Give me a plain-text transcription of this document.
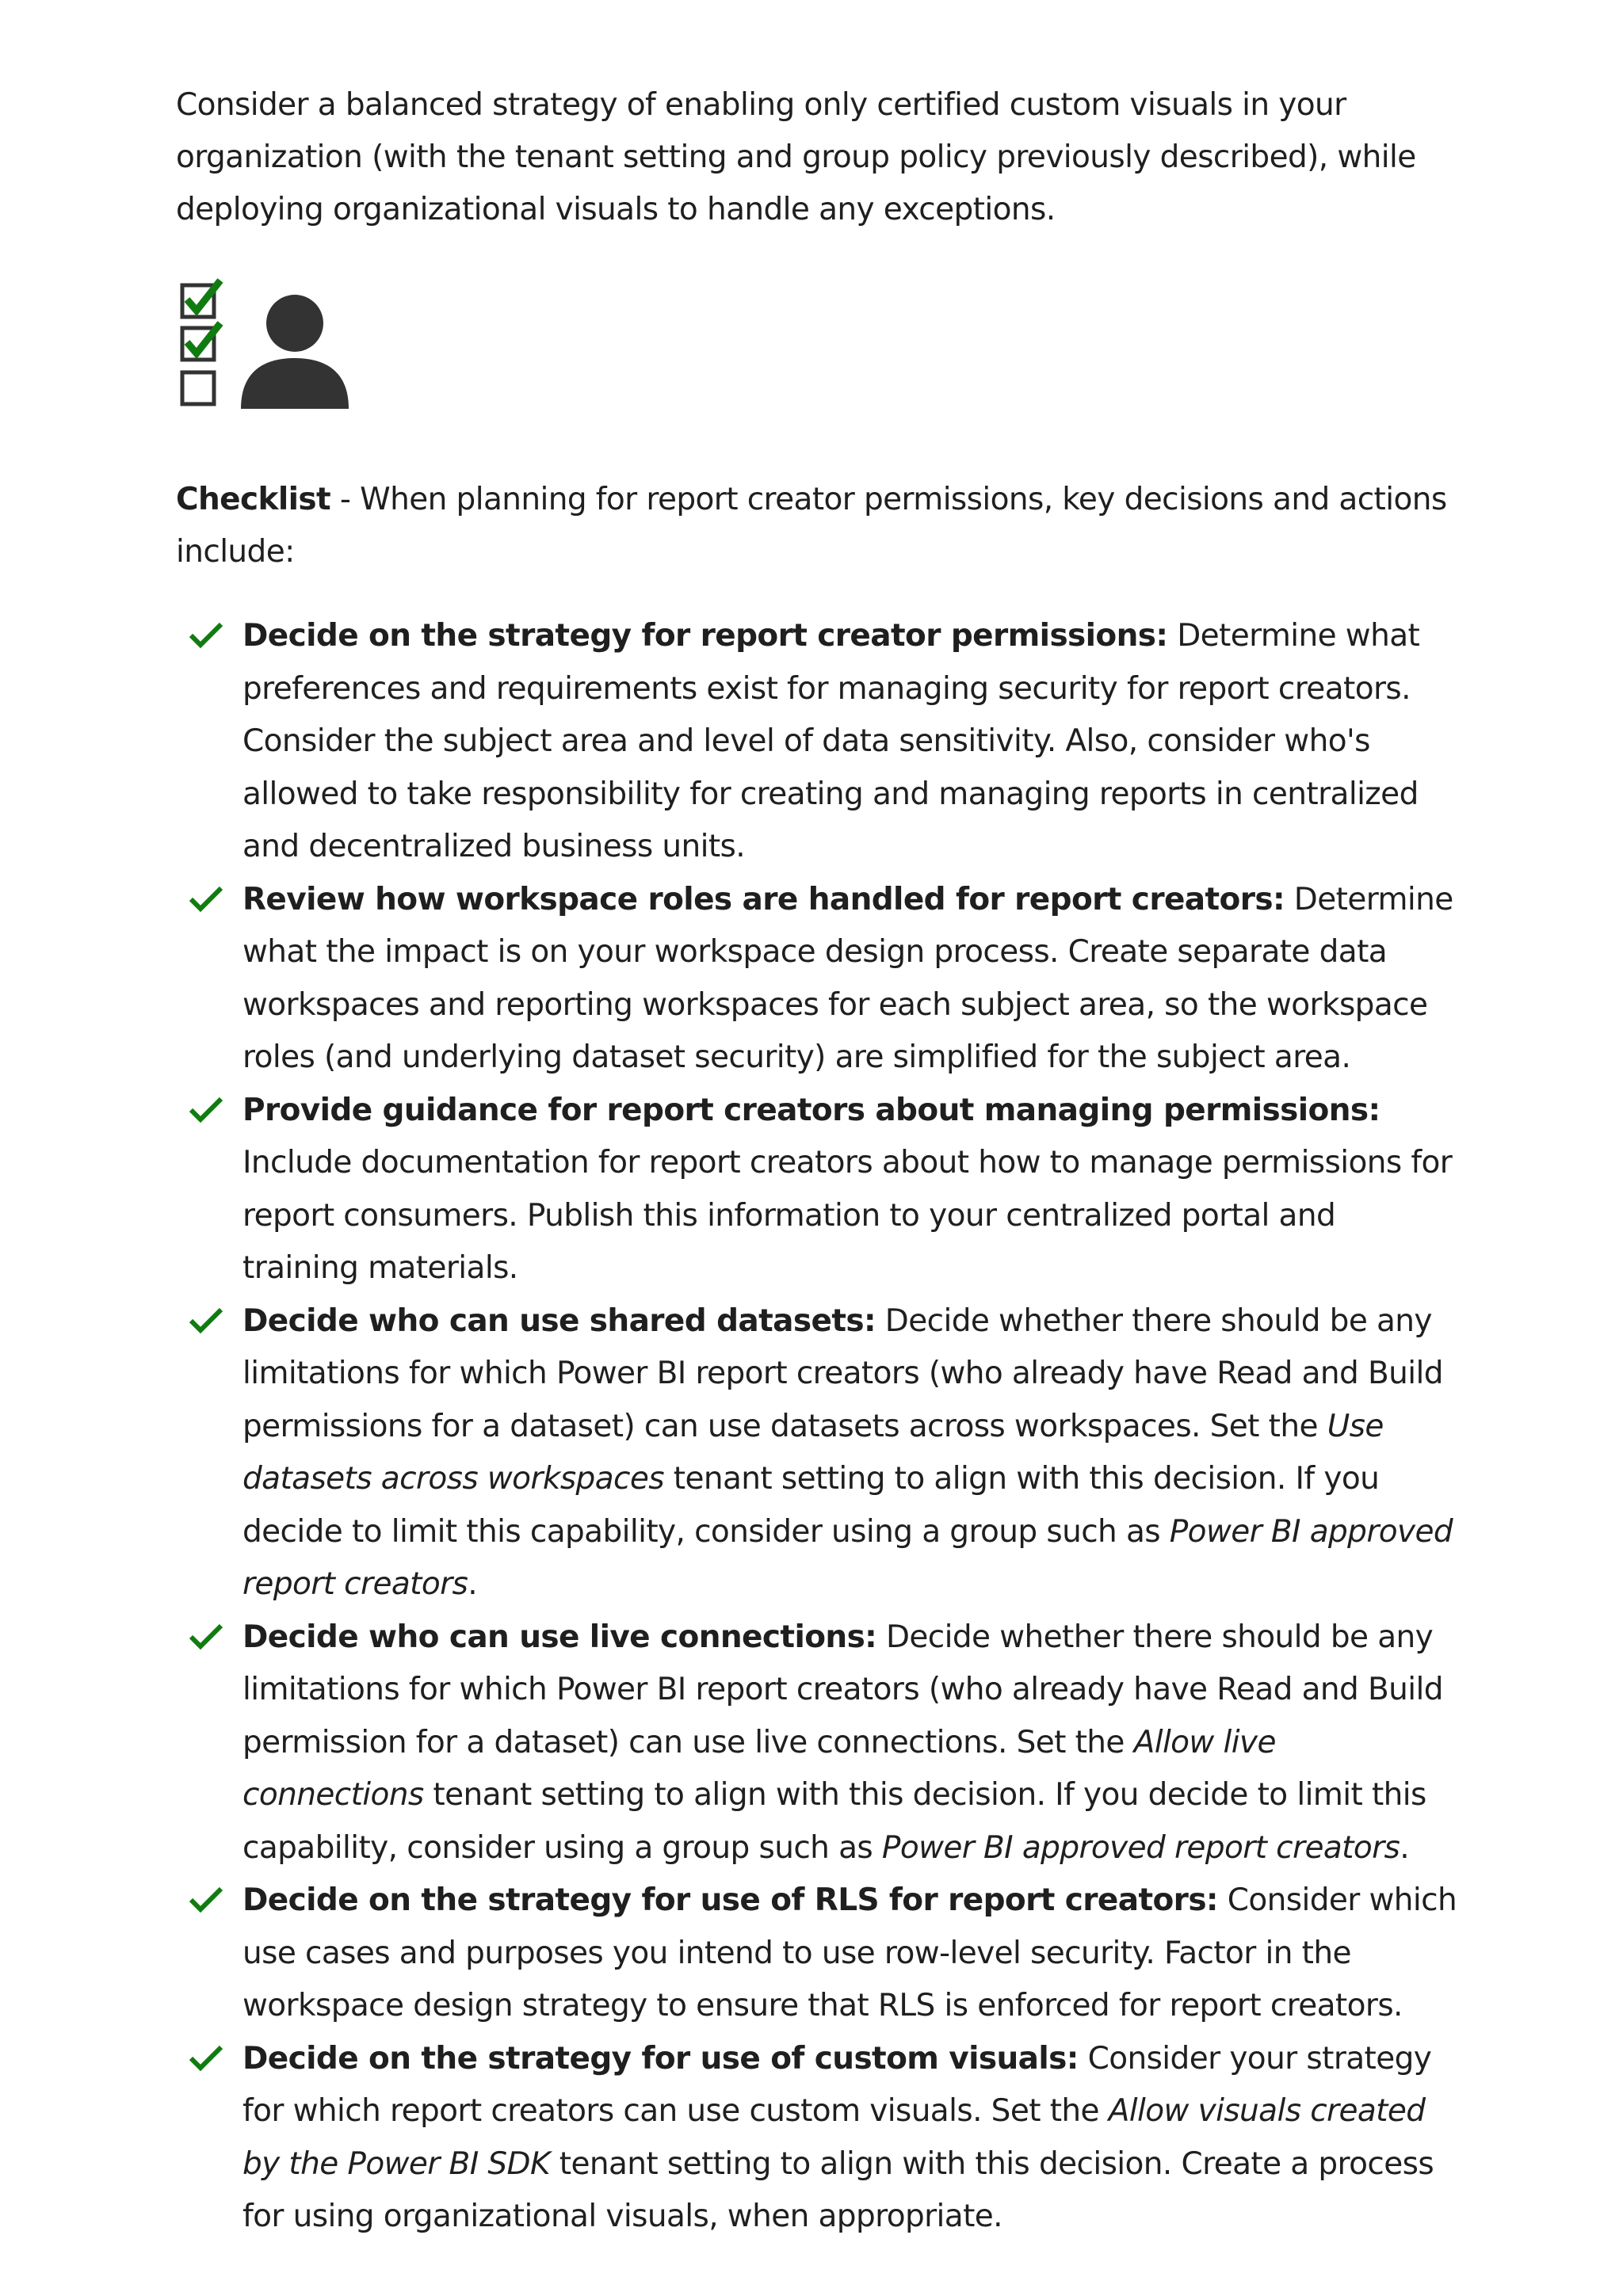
Consider a balanced strategy of enabling only certified custom visuals in your organization (with the tenant setting and group policy previously described), while deploying organizational visuals to handle any exceptions.

Checklist - When planning for report creator permissions, key decisions and actions include:

Decide on the strategy for report creator permissions: Determine what preferences and requirements exist for managing security for report creators. Consider the subject area and level of data sensitivity. Also, consider who's allowed to take responsibility for creating and managing reports in centralized and decentralized business units.
Review how workspace roles are handled for report creators: Determine what the impact is on your workspace design process. Create separate data workspaces and reporting workspaces for each subject area, so the workspace roles (and underlying dataset security) are simplified for the subject area.
Provide guidance for report creators about managing permissions: Include documentation for report creators about how to manage permissions for report consumers. Publish this information to your centralized portal and training materials.
Decide who can use shared datasets: Decide whether there should be any limitations for which Power BI report creators (who already have Read and Build permissions for a dataset) can use datasets across workspaces. Set the Use datasets across workspaces tenant setting to align with this decision. If you decide to limit this capability, consider using a group such as Power BI approved report creators.
Decide who can use live connections: Decide whether there should be any limitations for which Power BI report creators (who already have Read and Build permission for a dataset) can use live connections. Set the Allow live connections tenant setting to align with this decision. If you decide to limit this capability, consider using a group such as Power BI approved report creators.
Decide on the strategy for use of RLS for report creators: Consider which use cases and purposes you intend to use row-level security. Factor in the workspace design strategy to ensure that RLS is enforced for report creators.
Decide on the strategy for use of custom visuals: Consider your strategy for which report creators can use custom visuals. Set the Allow visuals created by the Power BI SDK tenant setting to align with this decision. Create a process for using organizational visuals, when appropriate.
